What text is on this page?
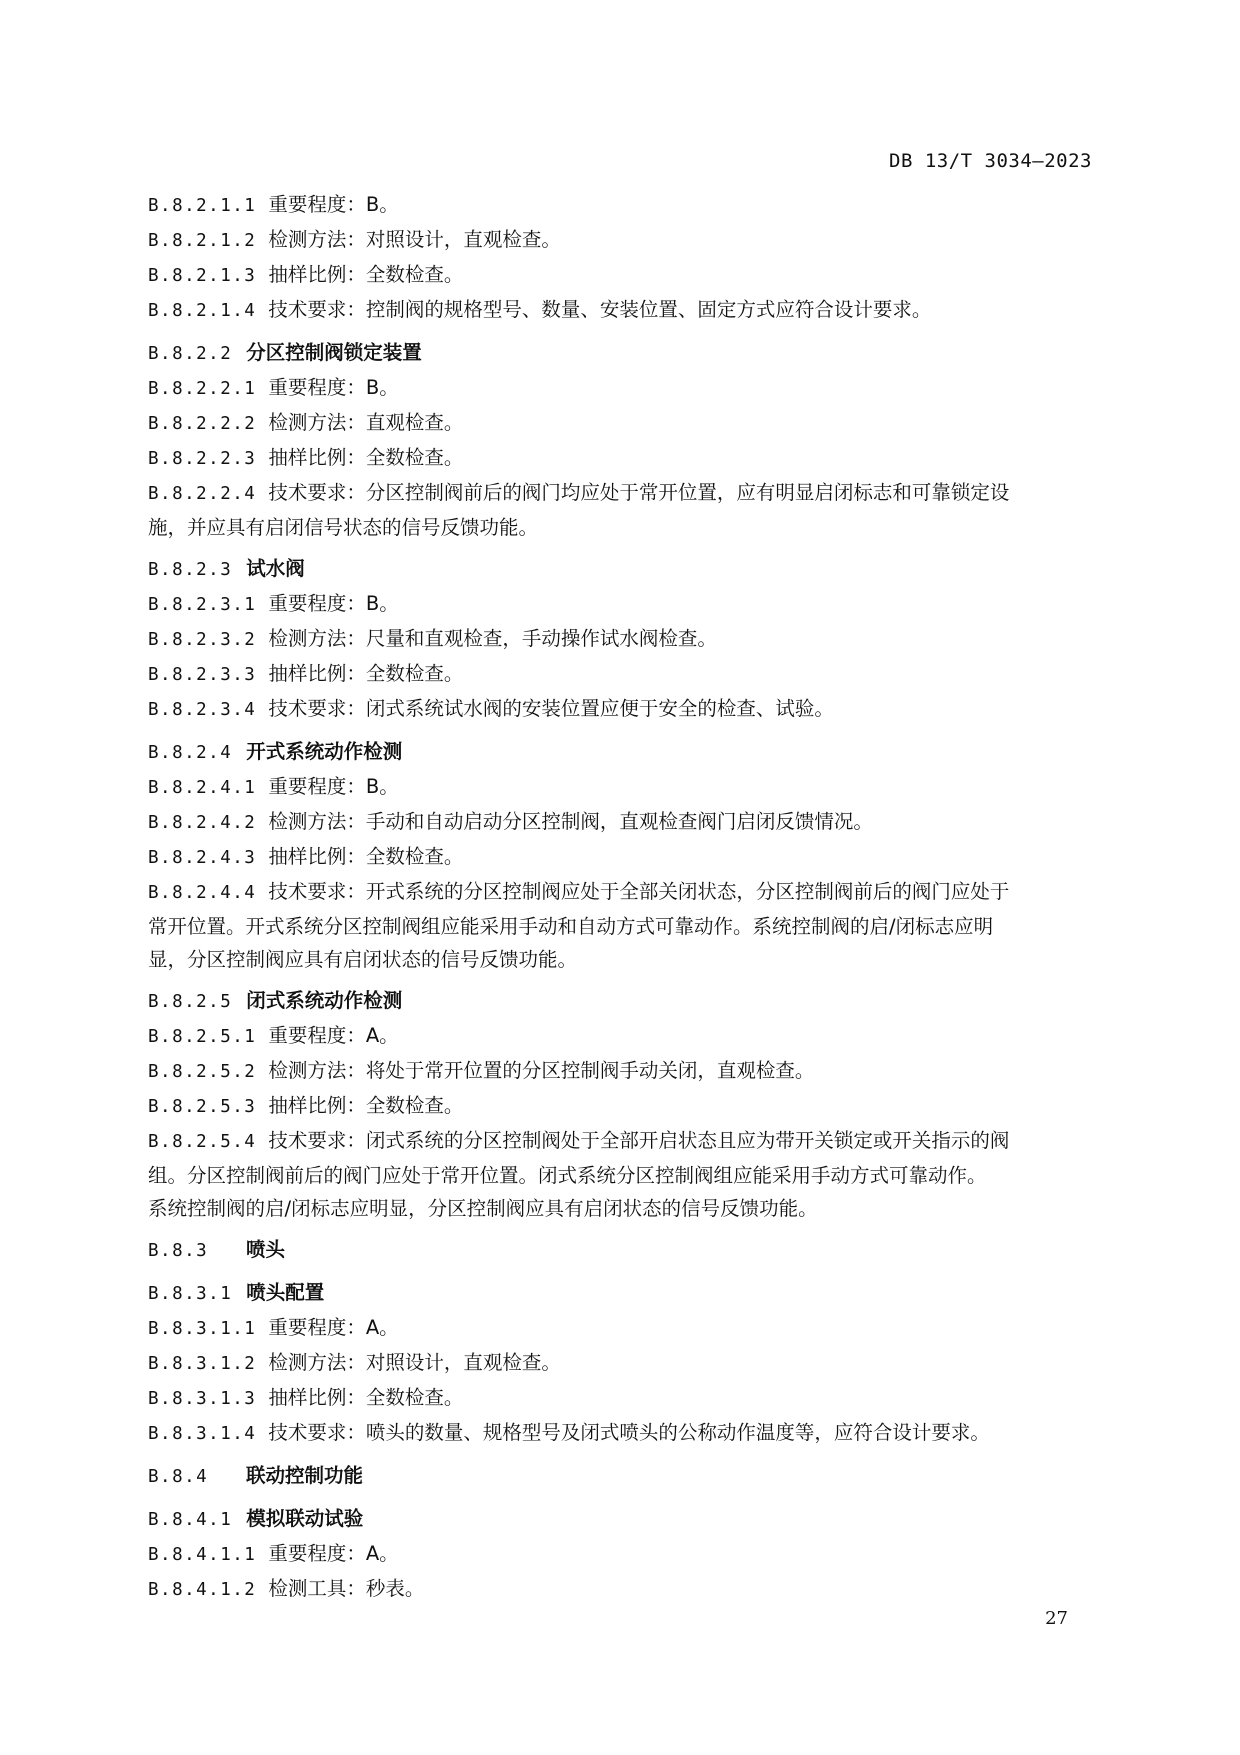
DB 13/T 3034—2023
B.8.2.1.1 重要程度：B。
B.8.2.1.2 检测方法：对照设计，直观检查。
B.8.2.1.3 抽样比例：全数检查。
B.8.2.1.4 技术要求：控制阀的规格型号、数量、安装位置、固定方式应符合设计要求。
B.8.2.2 分区控制阀锁定装置
B.8.2.2.1 重要程度：B。
B.8.2.2.2 检测方法：直观检查。
B.8.2.2.3 抽样比例：全数检查。
B.8.2.2.4 技术要求：分区控制阀前后的阀门均应处于常开位置，应有明显启闭标志和可靠锁定设
施，并应具有启闭信号状态的信号反馈功能。
B.8.2.3 试水阀
B.8.2.3.1 重要程度：B。
B.8.2.3.2 检测方法：尺量和直观检查，手动操作试水阀检查。
B.8.2.3.3 抽样比例：全数检查。
B.8.2.3.4 技术要求：闭式系统试水阀的安装位置应便于安全的检查、试验。
B.8.2.4 开式系统动作检测
B.8.2.4.1 重要程度：B。
B.8.2.4.2 检测方法：手动和自动启动分区控制阀，直观检查阀门启闭反馈情况。
B.8.2.4.3 抽样比例：全数检查。
B.8.2.4.4 技术要求：开式系统的分区控制阀应处于全部关闭状态，分区控制阀前后的阀门应处于
常开位置。开式系统分区控制阀组应能采用手动和自动方式可靠动作。系统控制阀的启/闭标志应明
显，分区控制阀应具有启闭状态的信号反馈功能。
B.8.2.5 闭式系统动作检测
B.8.2.5.1 重要程度：A。
B.8.2.5.2 检测方法：将处于常开位置的分区控制阀手动关闭，直观检查。
B.8.2.5.3 抽样比例：全数检查。
B.8.2.5.4 技术要求：闭式系统的分区控制阀处于全部开启状态且应为带开关锁定或开关指示的阀
组。分区控制阀前后的阀门应处于常开位置。闭式系统分区控制阀组应能采用手动方式可靠动作。
系统控制阀的启/闭标志应明显，分区控制阀应具有启闭状态的信号反馈功能。
B.8.3 喷头
B.8.3.1 喷头配置
B.8.3.1.1 重要程度：A。
B.8.3.1.2 检测方法：对照设计，直观检查。
B.8.3.1.3 抽样比例：全数检查。
B.8.3.1.4 技术要求：喷头的数量、规格型号及闭式喷头的公称动作温度等，应符合设计要求。
B.8.4 联动控制功能
B.8.4.1 模拟联动试验
B.8.4.1.1 重要程度：A。
B.8.4.1.2 检测工具：秒表。
27
